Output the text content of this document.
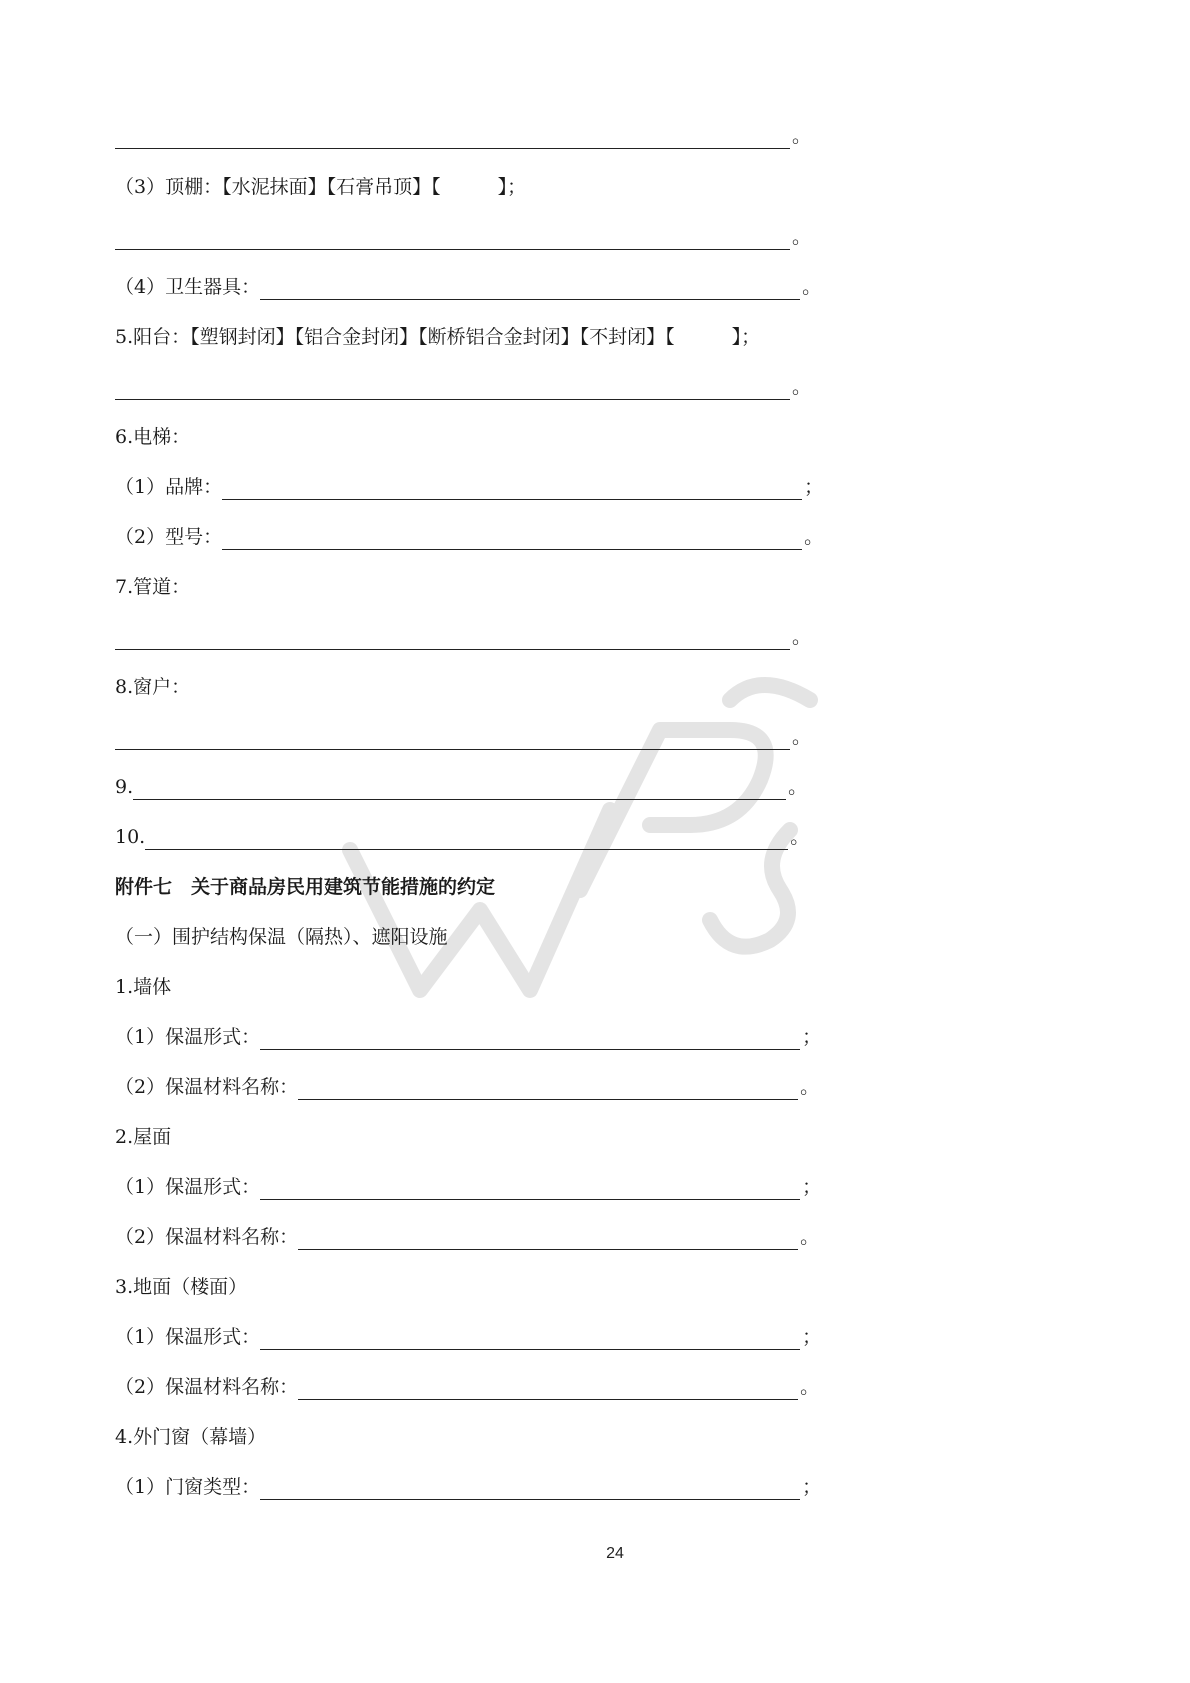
。
（3）顶棚：【水泥抹面】【石膏吊顶】【　　　】；
。
（4）卫生器具：	。
5.阳台：【塑钢封闭】【铝合金封闭】【断桥铝合金封闭】【不封闭】【　　　】；
。
6.电梯：
（1）品牌：	；
（2）型号：	。
7.管道：
。
8.窗户：
。
9.	。
10.	。
附件七　关于商品房民用建筑节能措施的约定
（一）围护结构保温（隔热）、遮阳设施
1.墙体
（1）保温形式：	；
（2）保温材料名称：	。
2.屋面
（1）保温形式：	；
（2）保温材料名称：	。
3.地面（楼面）
（1）保温形式：	；
（2）保温材料名称：	。
4.外门窗（幕墙）
（1）门窗类型：	；
24
